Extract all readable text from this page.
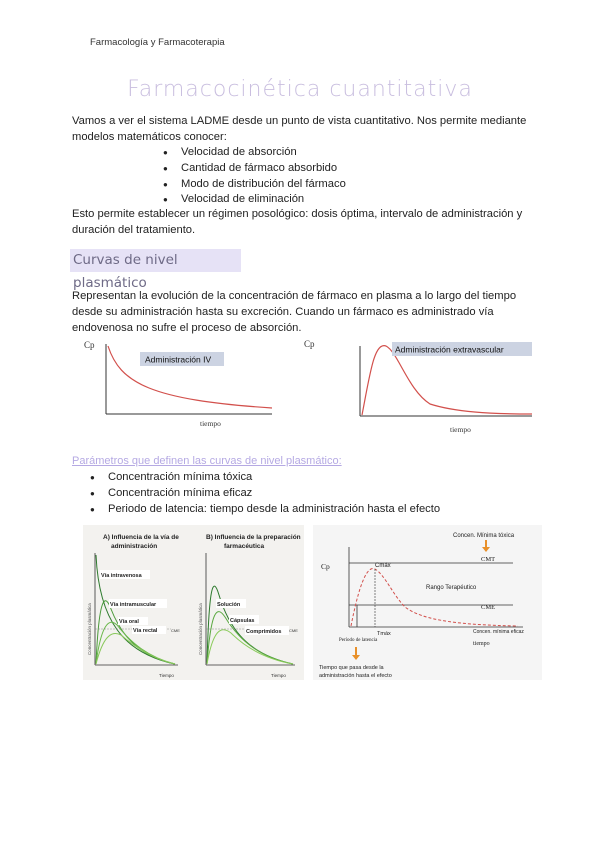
Farmacología y Farmacoterapia
Farmacocinética cuantitativa
Vamos a ver el sistema LADME desde un punto de vista cuantitativo. Nos permite mediante
modelos matemáticos conocer:
● Velocidad de absorción
● Cantidad de fármaco absorbido
● Modo de distribución del fármaco
● Velocidad de eliminación
Esto permite establecer un régimen posológico: dosis óptima, intervalo de administración y
duración del tratamiento.
Curvas de nivel plasmático
Representan la evolución de la concentración de fármaco en plasma a lo largo del tiempo
desde su administración hasta su excreción. Cuando un fármaco es administrado vía
endovenosa no sufre el proceso de absorción.
Cp
Administración IV
tiempo
Cp
Administración extravascular
tiempo
Parámetros que definen las curvas de nivel plasmático:
● Concentración mínima tóxica
● Concentración mínima eficaz
● Periodo de latencia: tiempo desde la administración hasta el efecto
A) Influencia de la vía de
administración
Concentración plasmática	CME
Vía intravenosa
Vía intramuscular
Vía oral
Vía rectal
Tiempo
B) Influencia de la preparación
farmacéutica
Concentración plasmática	CME
Solución
Cápsulas
Comprimidos
Tiempo
Concen. Mínima tóxica
CMT
Cp	Cmáx
Rango Terapéutico
CME
Concen. mínima eficaz
Tmáx
Período de latencia
tiempo
Tiempo que pasa desde la
administración hasta el efecto
